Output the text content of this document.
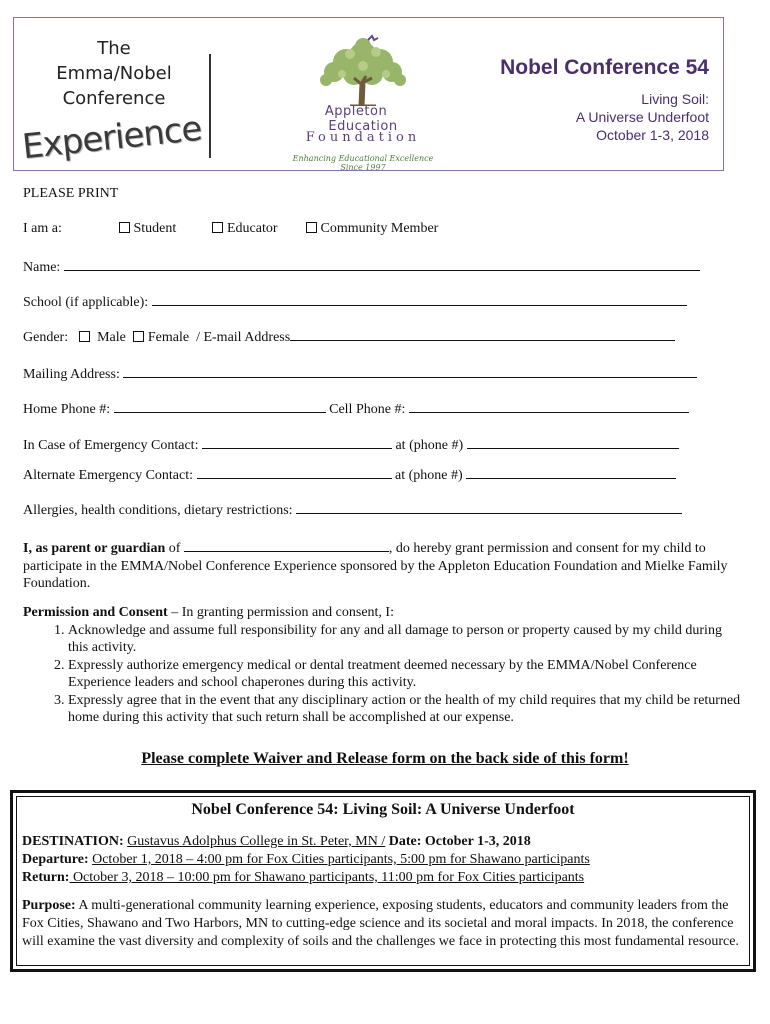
The
Emma/Nobel
Conference
Experience	Appleton    Education
Foundation
Enhancing Educational Excellence Since 1997
Nobel Conference 54
Living Soil:
A Universe Underfoot
October 1-3, 2018
PLEASE PRINT
I am a:	Student	Educator	Community Member
Name:
School (if applicable):
Gender: Male Female / E-mail Address
Mailing Address:
Home Phone #:	Cell Phone #:
In Case of Emergency Contact:	at (phone #)
Alternate Emergency Contact:	at (phone #)
Allergies, health conditions, dietary restrictions:
I, as parent or guardian of	, do hereby grant permission and consent for my child to participate in the EMMA/Nobel Conference Experience sponsored by the Appleton Education Foundation and Mielke Family Foundation.
Permission and Consent – In granting permission and consent, I:
1. Acknowledge and assume full responsibility for any and all damage to person or property caused by my child during this activity.
2. Expressly authorize emergency medical or dental treatment deemed necessary by the EMMA/Nobel Conference Experience leaders and school chaperones during this activity.
3. Expressly agree that in the event that any disciplinary action or the health of my child requires that my child be returned home during this activity that such return shall be accomplished at our expense.
Please complete Waiver and Release form on the back side of this form!
Nobel Conference 54: Living Soil: A Universe Underfoot
DESTINATION: Gustavus Adolphus College in St. Peter, MN / Date: October 1-3, 2018
Departure: October 1, 2018 – 4:00 pm for Fox Cities participants, 5:00 pm for Shawano participants
Return: October 3, 2018 – 10:00 pm for Shawano participants, 11:00 pm for Fox Cities participants
Purpose: A multi-generational community learning experience, exposing students, educators and community leaders from the Fox Cities, Shawano and Two Harbors, MN to cutting-edge science and its societal and moral impacts. In 2018, the conference will examine the vast diversity and complexity of soils and the challenges we face in protecting this most fundamental resource.
